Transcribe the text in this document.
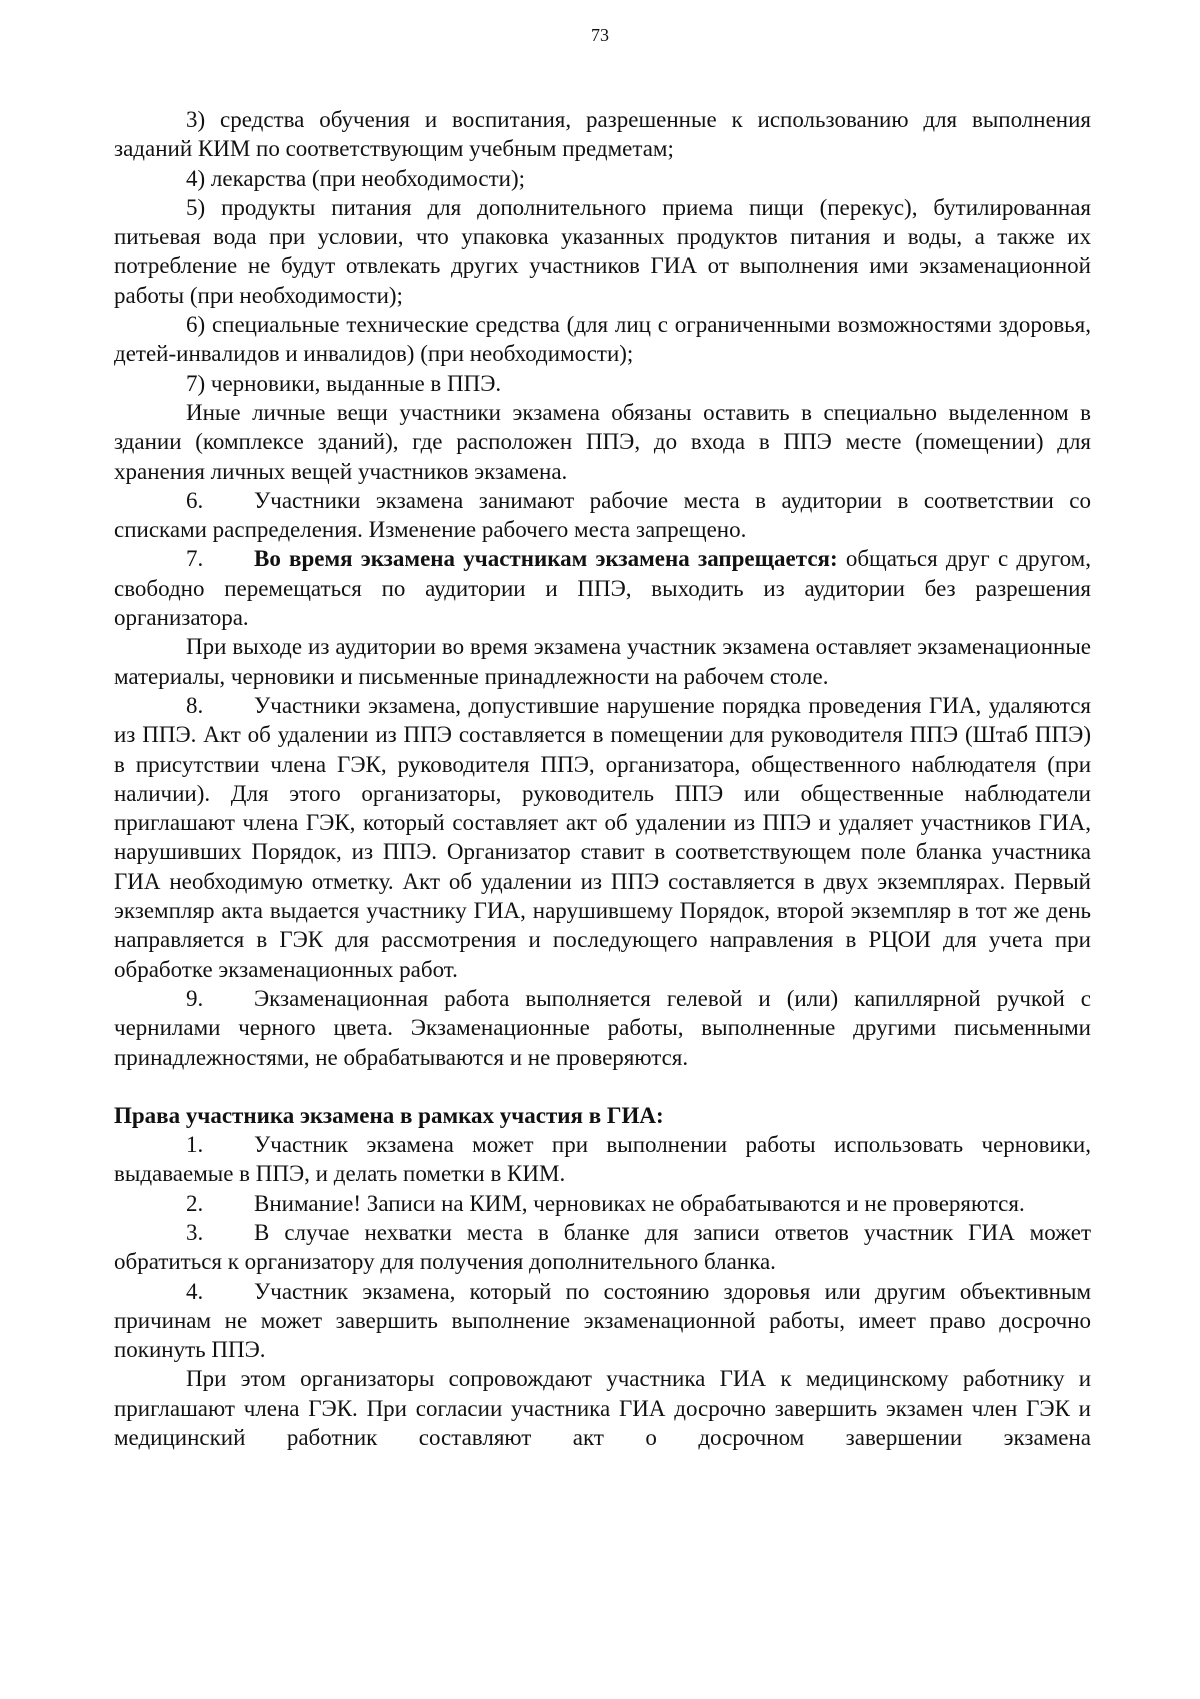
73

3) средства обучения и воспитания, разрешенные к использованию для выполнения заданий КИМ по соответствующим учебным предметам;

4) лекарства (при необходимости);

5) продукты питания для дополнительного приема пищи (перекус), бутилированная питьевая вода при условии, что упаковка указанных продуктов питания и воды, а также их потребление не будут отвлекать других участников ГИА от выполнения ими экзаменационной работы (при необходимости);

6) специальные технические средства (для лиц с ограниченными возможностями здоровья, детей-инвалидов и инвалидов) (при необходимости);

7) черновики, выданные в ППЭ.

Иные личные вещи участники экзамена обязаны оставить в специально выделенном в здании (комплексе зданий), где расположен ППЭ, до входа в ППЭ месте (помещении) для хранения личных вещей участников экзамена.

6. Участники экзамена занимают рабочие места в аудитории в соответствии со списками распределения. Изменение рабочего места запрещено.

7. Во время экзамена участникам экзамена запрещается: общаться друг с другом, свободно перемещаться по аудитории и ППЭ, выходить из аудитории без разрешения организатора.

При выходе из аудитории во время экзамена участник экзамена оставляет экзаменационные материалы, черновики и письменные принадлежности на рабочем столе.

8. Участники экзамена, допустившие нарушение порядка проведения ГИА, удаляются из ППЭ. Акт об удалении из ППЭ составляется в помещении для руководителя ППЭ (Штаб ППЭ) в присутствии члена ГЭК, руководителя ППЭ, организатора, общественного наблюдателя (при наличии). Для этого организаторы, руководитель ППЭ или общественные наблюдатели приглашают члена ГЭК, который составляет акт об удалении из ППЭ и удаляет участников ГИА, нарушивших Порядок, из ППЭ. Организатор ставит в соответствующем поле бланка участника ГИА необходимую отметку. Акт об удалении из ППЭ составляется в двух экземплярах. Первый экземпляр акта выдается участнику ГИА, нарушившему Порядок, второй экземпляр в тот же день направляется в ГЭК для рассмотрения и последующего направления в РЦОИ для учета при обработке экзаменационных работ.

9. Экзаменационная работа выполняется гелевой и (или) капиллярной ручкой с чернилами черного цвета. Экзаменационные работы, выполненные другими письменными принадлежностями, не обрабатываются и не проверяются.

Права участника экзамена в рамках участия в ГИА:

1. Участник экзамена может при выполнении работы использовать черновики, выдаваемые в ППЭ, и делать пометки в КИМ.

2. Внимание! Записи на КИМ, черновиках не обрабатываются и не проверяются.

3. В случае нехватки места в бланке для записи ответов участник ГИА может обратиться к организатору для получения дополнительного бланка.

4. Участник экзамена, который по состоянию здоровья или другим объективным причинам не может завершить выполнение экзаменационной работы, имеет право досрочно покинуть ППЭ.

При этом организаторы сопровождают участника ГИА к медицинскому работнику и приглашают члена ГЭК. При согласии участника ГИА досрочно завершить экзамен член ГЭК и медицинский работник составляют акт о досрочном завершении экзамена
